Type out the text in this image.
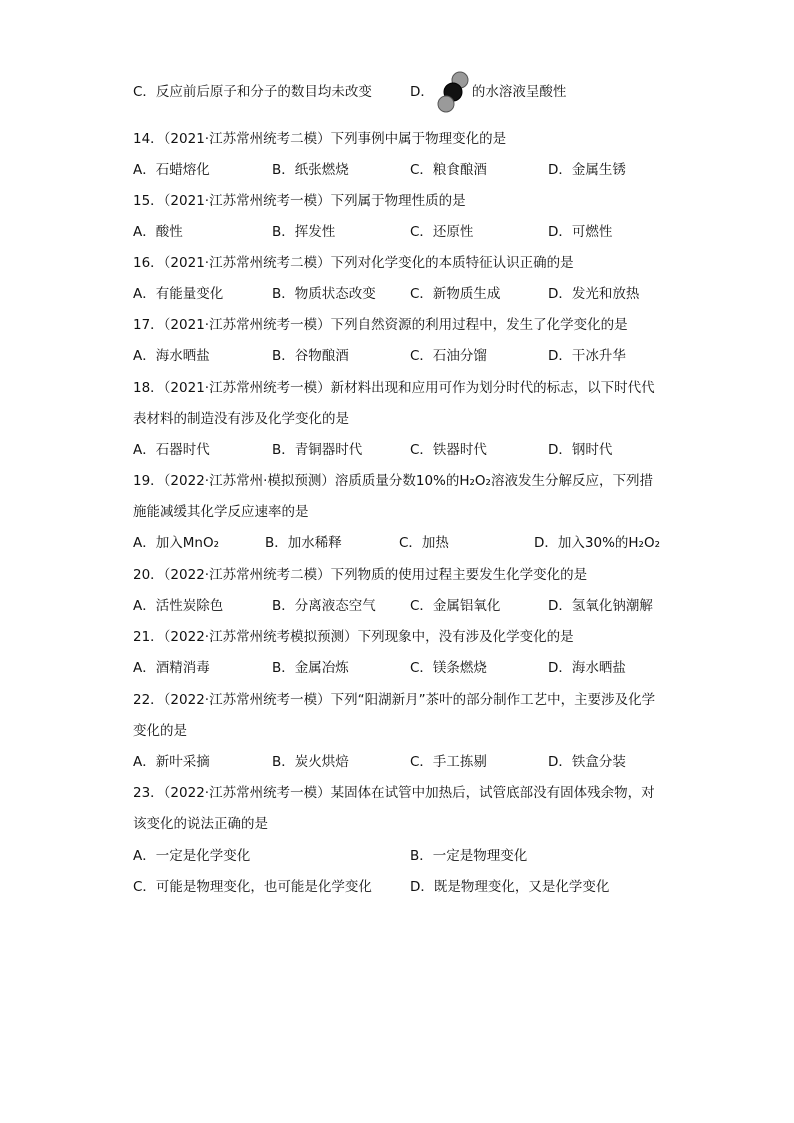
C．反应前后原子和分子的数目均未改变	D．	的水溶液呈酸性
14．（2021·江苏常州统考二模）下列事例中属于物理变化的是
A．石蜡熔化	B．纸张燃烧	C．粮食酿酒	D．金属生锈
15．（2021·江苏常州统考一模）下列属于物理性质的是
A．酸性	B．挥发性	C．还原性	D．可燃性
16．（2021·江苏常州统考二模）下列对化学变化的本质特征认识正确的是
A．有能量变化	B．物质状态改变	C．新物质生成	D．发光和放热
17．（2021·江苏常州统考一模）下列自然资源的利用过程中，发生了化学变化的是
A．海水晒盐	B．谷物酿酒	C．石油分馏	D．干冰升华
18．（2021·江苏常州统考一模）新材料出现和应用可作为划分时代的标志，以下时代代
表材料的制造没有涉及化学变化的是
A．石器时代	B．青铜器时代	C．铁器时代	D．钢时代
19．（2022·江苏常州·模拟预测）溶质质量分数10%的H₂O₂溶液发生分解反应，下列措
施能减缓其化学反应速率的是
A．加入MnO₂	B．加水稀释	C．加热	D．加入30%的H₂O₂
20．（2022·江苏常州统考二模）下列物质的使用过程主要发生化学变化的是
A．活性炭除色	B．分离液态空气	C．金属铝氧化	D．氢氧化钠潮解
21．（2022·江苏常州统考模拟预测）下列现象中，没有涉及化学变化的是
A．酒精消毒	B．金属冶炼	C．镁条燃烧	D．海水晒盐
22．（2022·江苏常州统考一模）下列“阳湖新月”茶叶的部分制作工艺中，主要涉及化学
变化的是
A．新叶采摘	B．炭火烘焙	C．手工拣剔	D．铁盒分装
23．（2022·江苏常州统考一模）某固体在试管中加热后，试管底部没有固体残余物，对
该变化的说法正确的是
A．一定是化学变化	B．一定是物理变化
C．可能是物理变化，也可能是化学变化	D．既是物理变化，又是化学变化
